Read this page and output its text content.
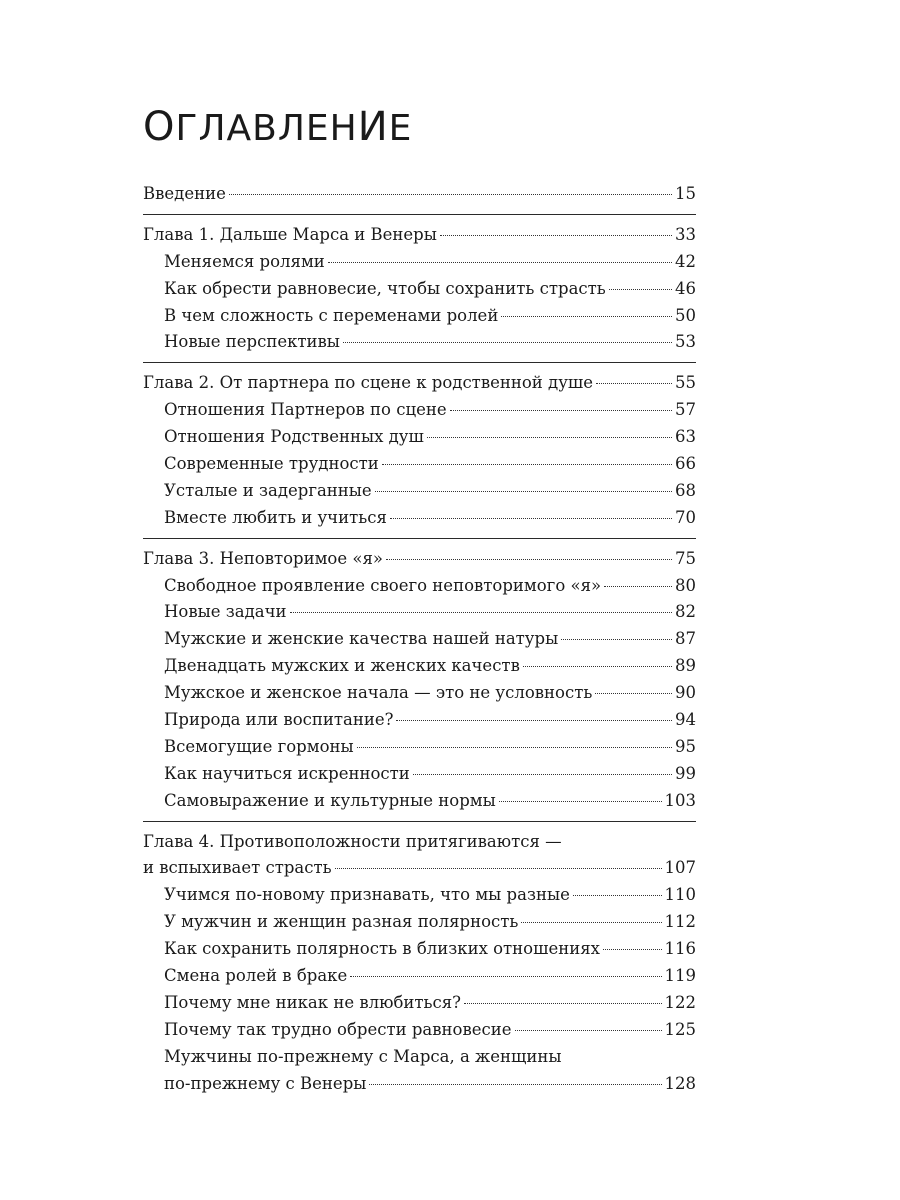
ОГЛАВЛЕНИЕ
Введение	15
Глава 1. Дальше Марса и Венеры	33
Меняемся ролями	42
Как обрести равновесие, чтобы сохранить страсть	46
В чем сложность с переменами ролей	50
Новые перспективы	53
Глава 2. От партнера по сцене к родственной душе	55
Отношения Партнеров по сцене	57
Отношения Родственных душ	63
Современные трудности	66
Усталые и задерганные	68
Вместе любить и учиться	70
Глава 3. Неповторимое «я»	75
Свободное проявление своего неповторимого «я»	80
Новые задачи	82
Мужские и женские качества нашей натуры	87
Двенадцать мужских и женских качеств	89
Мужское и женское начала — это не условность	90
Природа или воспитание?	94
Всемогущие гормоны	95
Как научиться искренности	99
Самовыражение и культурные нормы	103
Глава 4. Противоположности притягиваются —
и вспыхивает страсть	107
Учимся по-новому признавать, что мы разные	110
У мужчин и женщин разная полярность	112
Как сохранить полярность в близких отношениях	116
Смена ролей в браке	119
Почему мне никак не влюбиться?	122
Почему так трудно обрести равновесие	125
Мужчины по-прежнему с Марса, а женщины
по-прежнему с Венеры	128
